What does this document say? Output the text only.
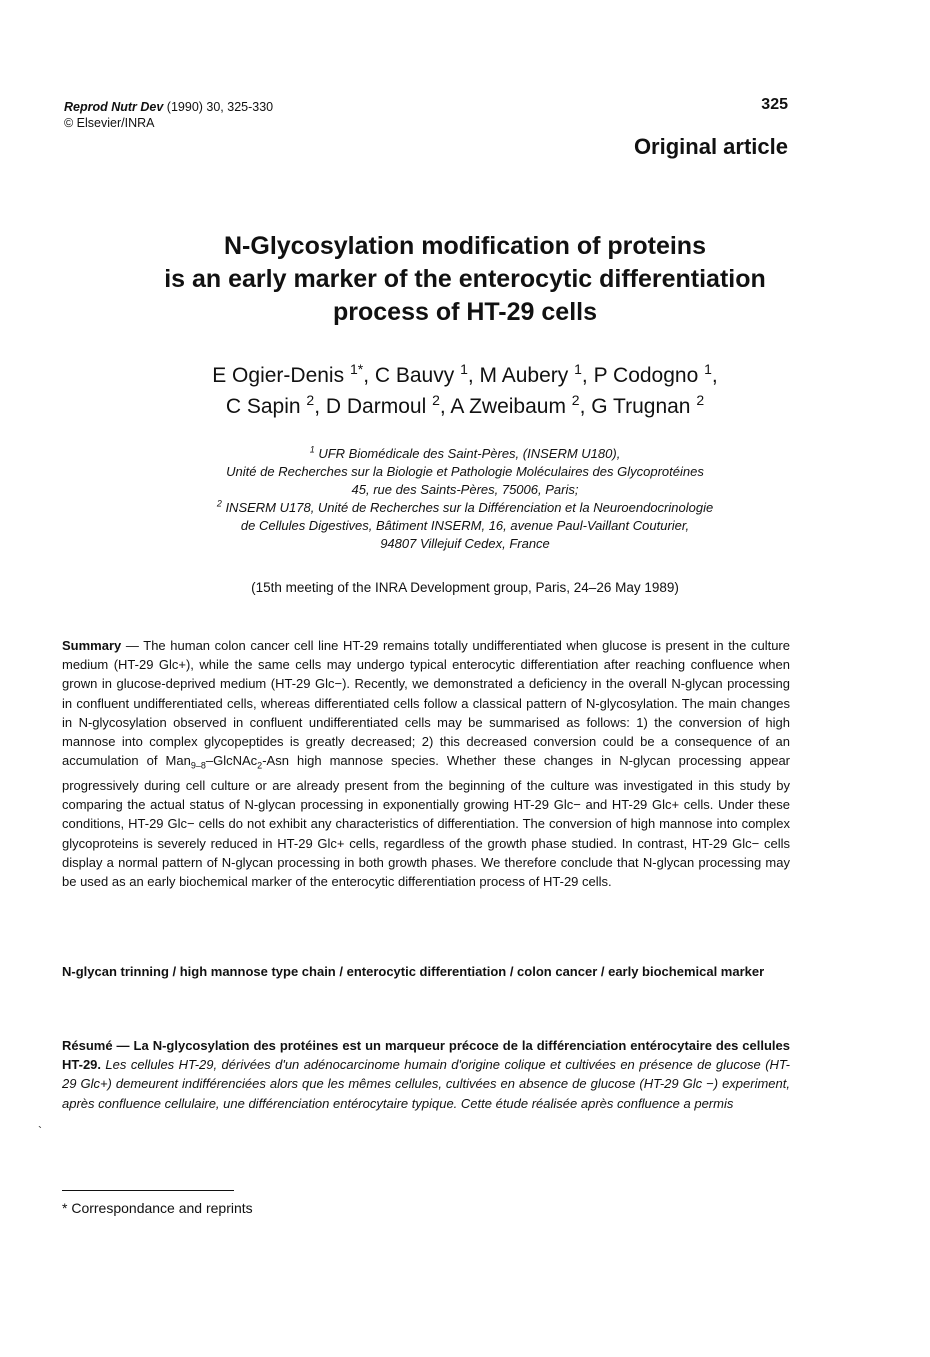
Reprod Nutr Dev (1990) 30, 325-330
© Elsevier/INRA
325
Original article
N-Glycosylation modification of proteins
is an early marker of the enterocytic differentiation
process of HT-29 cells
E Ogier-Denis $^{1*}$, C Bauvy $^1$, M Aubery $^1$, P Codogno $^1$,
C Sapin $^2$, D Darmoul $^2$, A Zweibaum $^2$, G Trugnan $^2$
$^1$ UFR Biomédicale des Saint-Pères, (INSERM U180),
Unité de Recherches sur la Biologie et Pathologie Moléculaires des Glycoprotéines
45, rue des Saints-Pères, 75006, Paris;
$^2$ INSERM U178, Unité de Recherches sur la Différenciation et la Neuroendocrinologie
de Cellules Digestives, Bâtiment INSERM, 16, avenue Paul-Vaillant Couturier,
94807 Villejuif Cedex, France
(15th meeting of the INRA Development group, Paris, 24–26 May 1989)
Summary — The human colon cancer cell line HT-29 remains totally undifferentiated when glucose is present in the culture medium (HT-29 Glc+), while the same cells may undergo typical enterocytic differentiation after reaching confluence when grown in glucose-deprived medium (HT-29 Glc−). Recently, we demonstrated a deficiency in the overall N-glycan processing in confluent undifferentiated cells, whereas differentiated cells follow a classical pattern of N-glycosylation. The main changes in N-glycosylation observed in confluent undifferentiated cells may be summarised as follows: 1) the conversion of high mannose into complex glycopeptides is greatly decreased; 2) this decreased conversion could be a consequence of an accumulation of Man$_{9-8}$–GlcNAc$_2$-Asn high mannose species. Whether these changes in N-glycan processing appear progressively during cell culture or are already present from the beginning of the culture was investigated in this study by comparing the actual status of N-glycan processing in exponentially growing HT-29 Glc− and HT-29 Glc+ cells. Under these conditions, HT-29 Glc− cells do not exhibit any characteristics of differentiation. The conversion of high mannose into complex glycoproteins is severely reduced in HT-29 Glc+ cells, regardless of the growth phase studied. In contrast, HT-29 Glc− cells display a normal pattern of N-glycan processing in both growth phases. We therefore conclude that N-glycan processing may be used as an early biochemical marker of the enterocytic differentiation process of HT-29 cells.
N-glycan trinning / high mannose type chain / enterocytic differentiation / colon cancer / early biochemical marker
Résumé — La N-glycosylation des protéines est un marqueur précoce de la différenciation entérocytaire des cellules HT-29. Les cellules HT-29, dérivées d'un adénocarcinome humain d'origine colique et cultivées en présence de glucose (HT-29 Glc+) demeurent indifférenciées alors que les mêmes cellules, cultivées en absence de glucose (HT-29 Glc −) experiment, après confluence cellulaire, une différenciation entérocytaire typique. Cette étude réalisée après confluence a permis
`
* Correspondance and reprints
